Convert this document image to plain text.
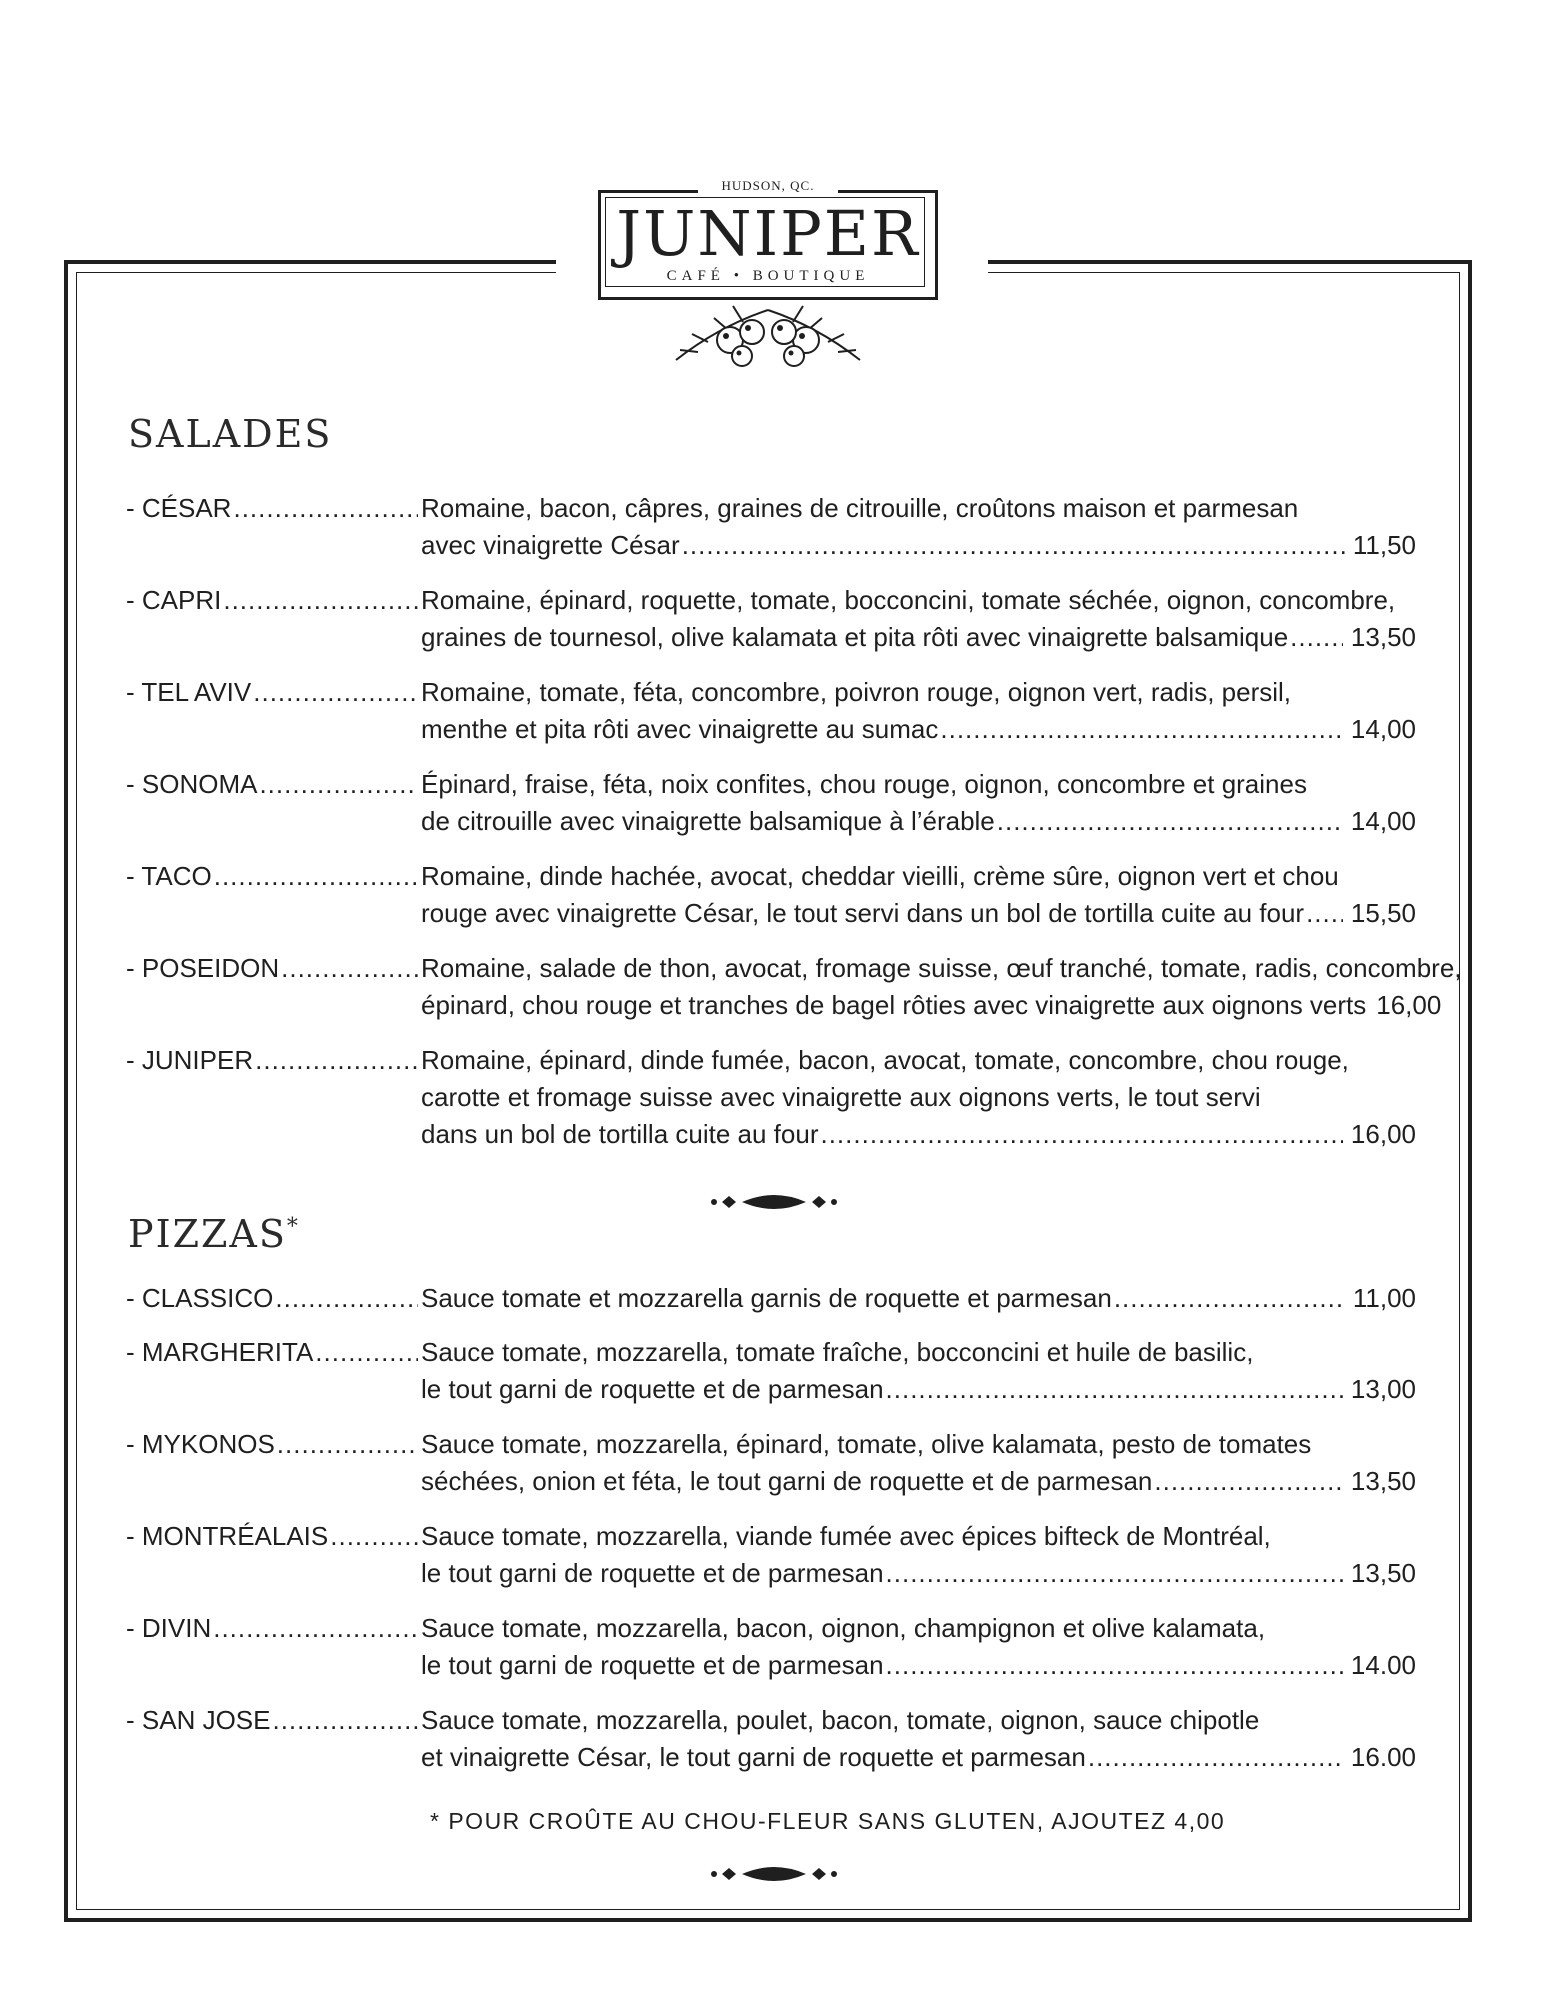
HUDSON, QC.
JUNIPER
CAFÉ • BOUTIQUE
SALADES
- CÉSAR .....	Romaine, bacon, câpres, graines de citrouille, croûtons maison et parmesan
avec vinaigrette César .....	11,50
- CAPRI .....	Romaine, épinard, roquette, tomate, bocconcini, tomate séchée, oignon, concombre,
graines de tournesol, olive kalamata et pita rôti avec vinaigrette balsamique .....	13,50
- TEL AVIV .....	Romaine, tomate, féta, concombre, poivron rouge, oignon vert, radis, persil,
menthe et pita rôti avec vinaigrette au sumac .....	14,00
- SONOMA .....	Épinard, fraise, féta, noix confites, chou rouge, oignon, concombre et graines
de citrouille avec vinaigrette balsamique à l’érable .....	14,00
- TACO .....	Romaine, dinde hachée, avocat, cheddar vieilli, crème sûre, oignon vert et chou
rouge avec vinaigrette César, le tout servi dans un bol de tortilla cuite au four .....	15,50
- POSEIDON .....	Romaine, salade de thon, avocat, fromage suisse, œuf tranché, tomate, radis, concombre,
épinard, chou rouge et tranches de bagel rôties avec vinaigrette aux oignons verts 16,00
- JUNIPER .....	Romaine, épinard, dinde fumée, bacon, avocat, tomate, concombre, chou rouge,
carotte et fromage suisse avec vinaigrette aux oignons verts, le tout servi
dans un bol de tortilla cuite au four .....	16,00
PIZZAS*
- CLASSICO .....	Sauce tomate et mozzarella garnis de roquette et parmesan .....	11,00
- MARGHERITA .....	Sauce tomate, mozzarella, tomate fraîche, bocconcini et huile de basilic,
le tout garni de roquette et de parmesan .....	13,00
- MYKONOS .....	Sauce tomate, mozzarella, épinard, tomate, olive kalamata, pesto de tomates
séchées, onion et féta, le tout garni de roquette et de parmesan .....	13,50
- MONTRÉALAIS .....	Sauce tomate, mozzarella, viande fumée avec épices bifteck de Montréal,
le tout garni de roquette et de parmesan .....	13,50
- DIVIN .....	Sauce tomate, mozzarella, bacon, oignon, champignon et olive kalamata,
le tout garni de roquette et de parmesan .....	14.00
- SAN JOSE .....	Sauce tomate, mozzarella, poulet, bacon, tomate, oignon, sauce chipotle
et vinaigrette César, le tout garni de roquette et parmesan .....	16.00
* POUR CROÛTE AU CHOU-FLEUR SANS GLUTEN, AJOUTEZ 4,00
